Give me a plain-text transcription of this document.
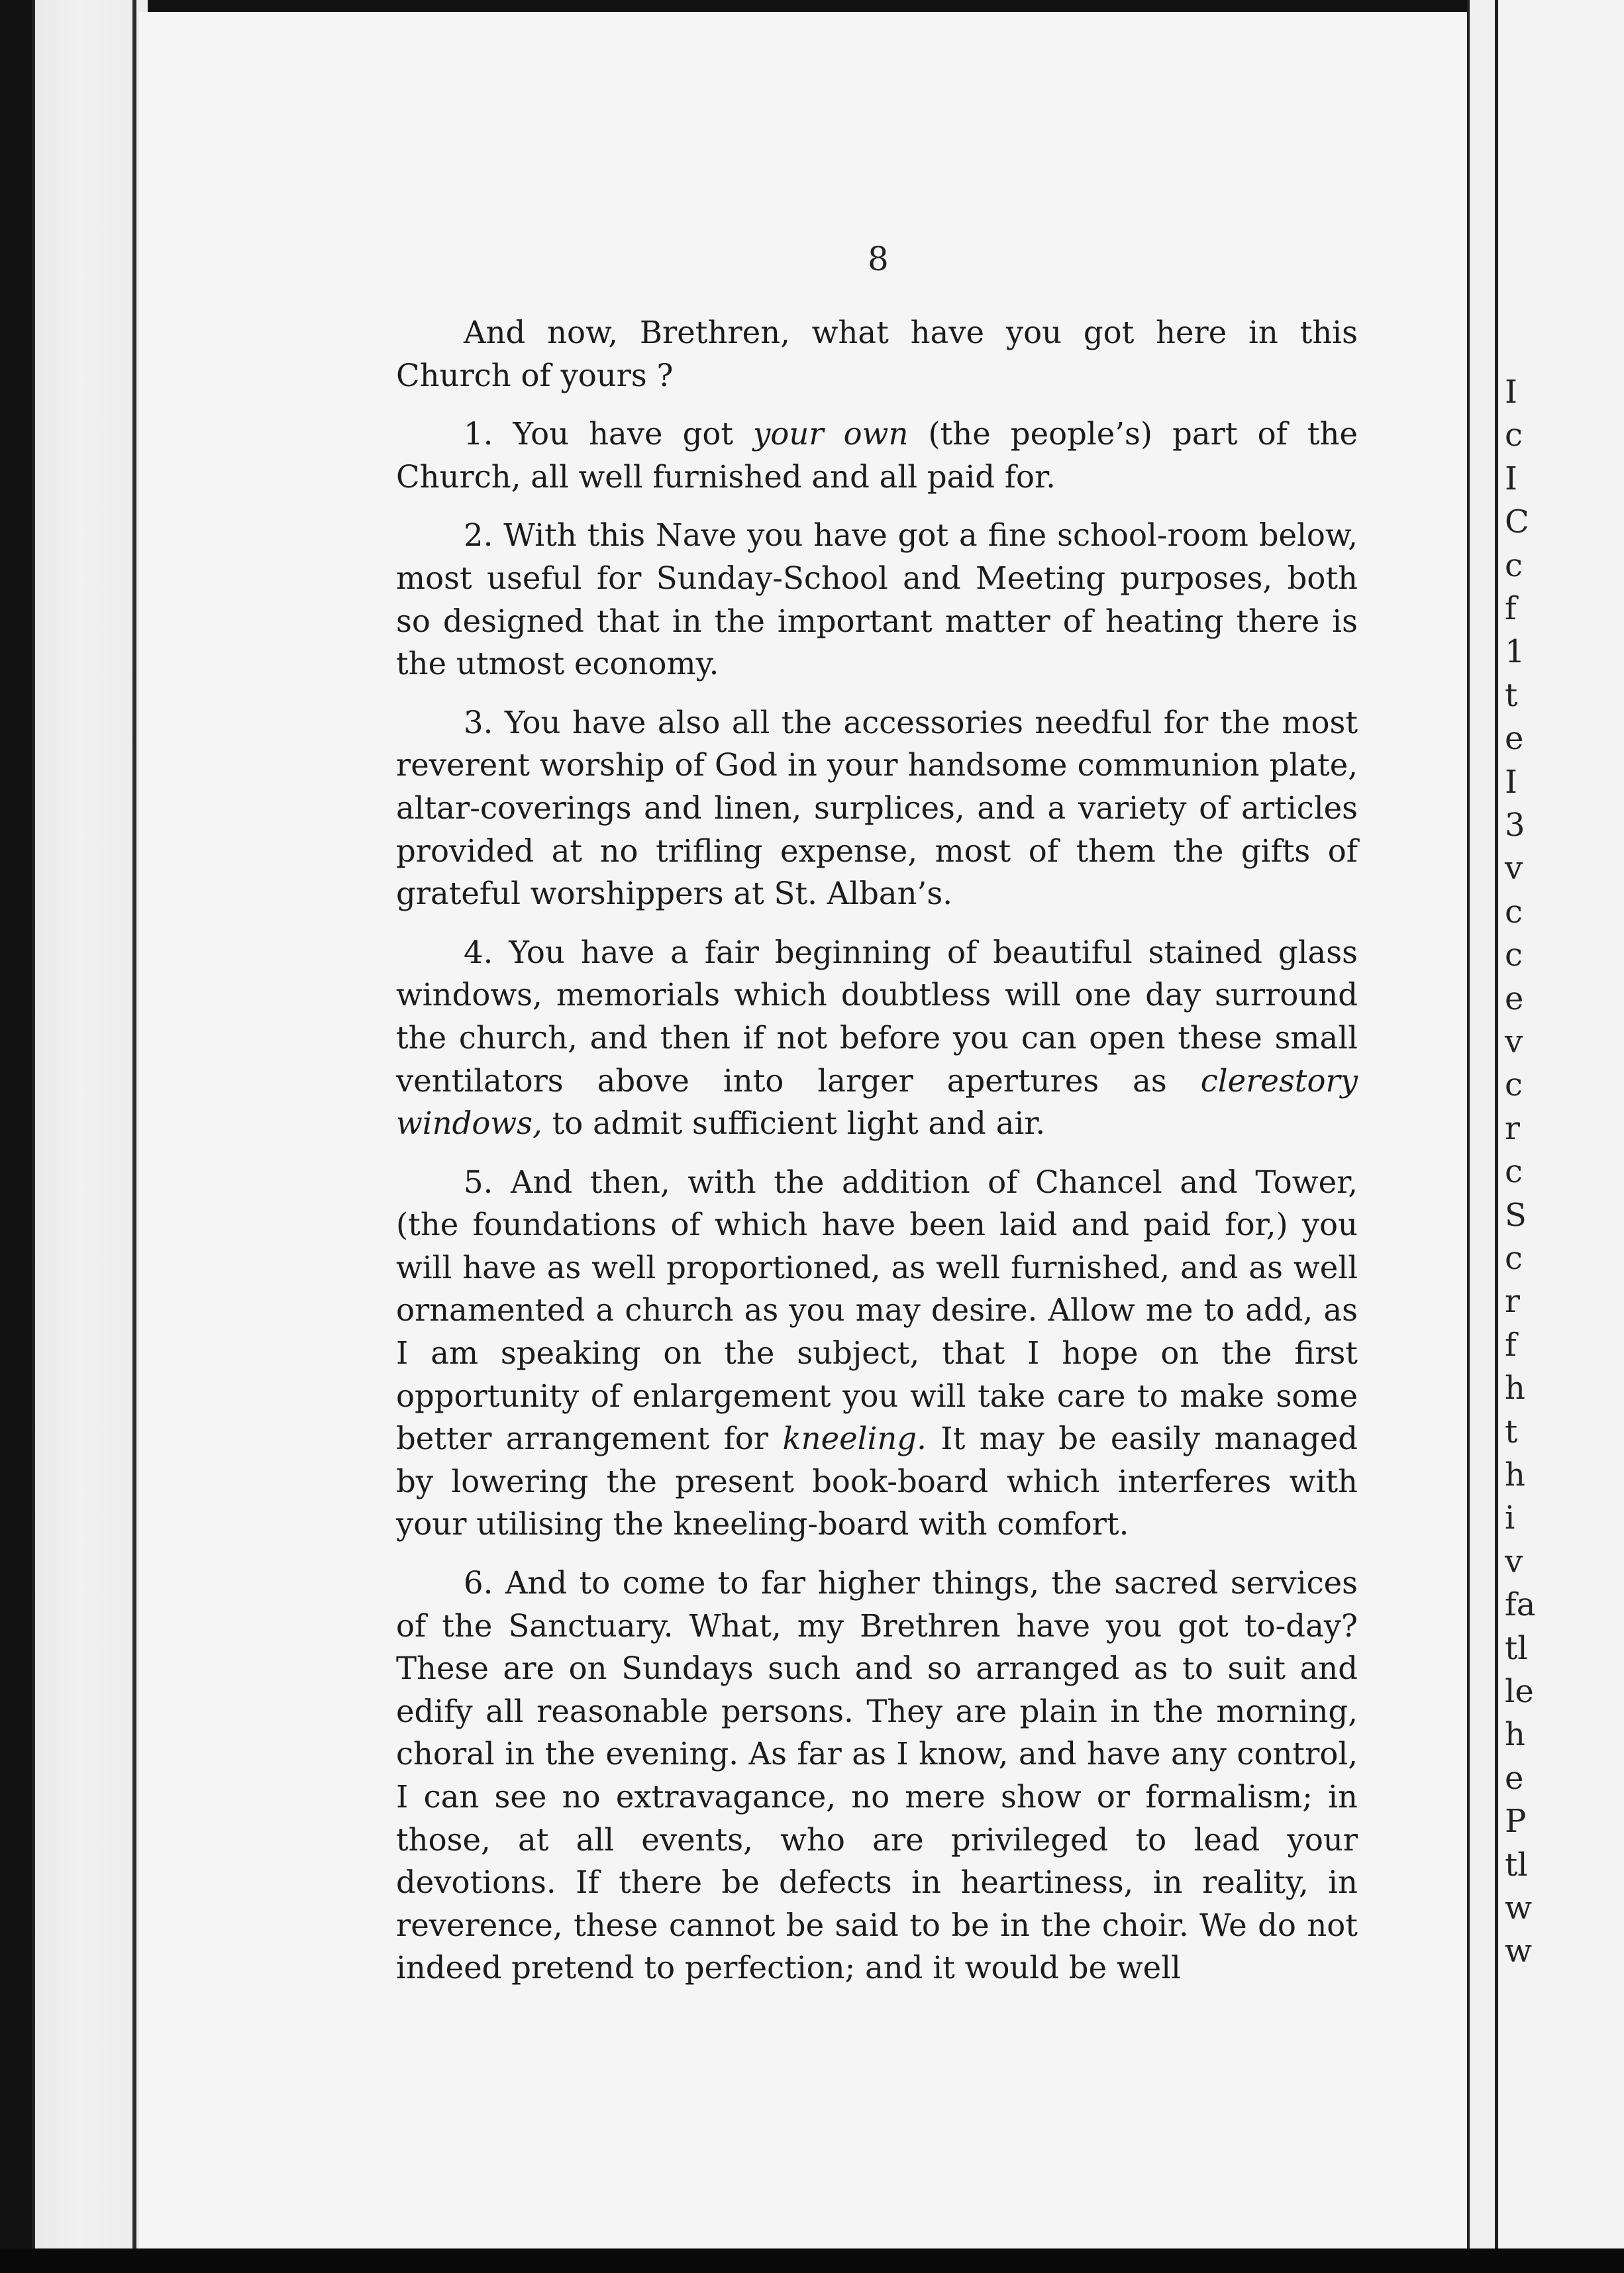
8

And now, Brethren, what have you got here in this Church of yours ?

1. You have got your own (the people’s) part of the Church, all well furnished and all paid for.

2. With this Nave you have got a fine school-room below, most useful for Sunday-School and Meeting purposes, both so designed that in the important matter of heating there is the utmost economy.

3. You have also all the accessories needful for the most reverent worship of God in your handsome communion plate, altar-coverings and linen, surplices, and a variety of articles provided at no trifling expense, most of them the gifts of grateful worshippers at St. Alban’s.

4. You have a fair beginning of beautiful stained glass windows, memorials which doubtless will one day surround the church, and then if not before you can open these small ventilators above into larger apertures as clerestory windows, to admit sufficient light and air.

5. And then, with the addition of Chancel and Tower, (the foundations of which have been laid and paid for,) you will have as well proportioned, as well furnished, and as well ornamented a church as you may desire. Allow me to add, as I am speaking on the subject, that I hope on the first opportunity of enlargement you will take care to make some better arrangement for kneeling. It may be easily managed by lowering the present book-board which interferes with your utilising the kneeling-board with comfort.

6. And to come to far higher things, the sacred services of the Sanctuary. What, my Brethren have you got to-day? These are on Sundays such and so arranged as to suit and edify all reasonable persons. They are plain in the morning, choral in the evening. As far as I know, and have any control, I can see no extravagance, no mere show or formalism; in those, at all events, who are privileged to lead your devotions. If there be defects in heartiness, in reality, in reverence, these cannot be said to be in the choir. We do not indeed pretend to perfection; and it would be well

I
c
I
C
c
f
1
t
e
I
3
v
c
c
e
v
c
r
c
S
c
r
f
h
t
h
i
v
fa
tl
le
h
e
P
tl
w
w
